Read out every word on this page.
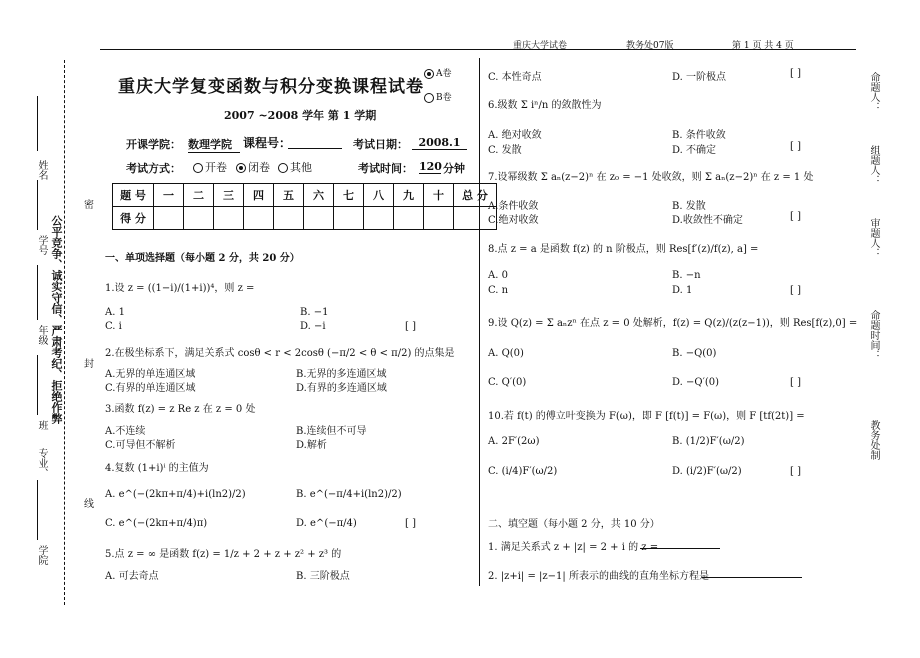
重庆大学试卷	教务处07版	第 1 页 共 4 页
姓名
学号
年级
班
专业、
学院
公平竞争、诚实守信、严肃考纪、拒绝作弊
密
封
线
命题人：
组题人：
审题人：
命题时间：
教务处制
重庆大学复变函数与积分变换课程试卷
A卷
B卷
2007 ~2008 学年 第 1 学期
开课学院： 数理学院 课程号：	考试日期： 2008.1
考试方式：	开卷	闭卷	其他	考试时间： 120 分钟
题 号	一	二	三	四	五	六	七	八	九	十	总 分
得 分											
一、单项选择题（每小题 2 分，共 20 分）
1.设 z = ((1−i)/(1+i))⁴，则 z =
A. 1	B. −1
C. i	D. −i	[ ]
2.在极坐标系下，满足关系式 cosθ < r < 2cosθ (−π/2 < θ < π/2) 的点集是
A.无界的单连通区域	B.无界的多连通区域
C.有界的单连通区域	D.有界的多连通区域
3.函数 f(z) = z Re z 在 z = 0 处
A.不连续	B.连续但不可导
C.可导但不解析	D.解析
4.复数 (1+i)ⁱ 的主值为
A. e^(−(2kπ+π/4)+i(ln2)/2)	B. e^(−π/4+i(ln2)/2)
C. e^(−(2kπ+π/4)π)	D. e^(−π/4)	[ ]
5.点 z = ∞ 是函数 f(z) = 1/z + 2 + z + z² + z³ 的
A. 可去奇点	B. 三阶极点
C. 本性奇点	D. 一阶极点	[ ]
6.级数 Σ iⁿ/n 的敛散性为
A. 绝对收敛	B. 条件收敛
C. 发散	D. 不确定	[ ]
7.设幂级数 Σ aₙ(z−2)ⁿ 在 z₀ = −1 处收敛，则 Σ aₙ(z−2)ⁿ 在 z = 1 处
A.条件收敛	B. 发散
C.绝对收敛	D.收敛性不确定	[ ]
8.点 z = a 是函数 f(z) 的 n 阶极点，则 Res[f′(z)/f(z), a] =
A. 0	B. −n
C. n	D. 1	[ ]
9.设 Q(z) = Σ aₙzⁿ 在点 z = 0 处解析，f(z) = Q(z)/(z(z−1))，则 Res[f(z),0] =
A. Q(0)	B. −Q(0)
C. Q′(0)	D. −Q′(0)	[ ]
10.若 f(t) 的傅立叶变换为 F(ω)，即 F [f(t)] = F(ω)，则 F [tf(2t)] =
A. 2F′(2ω)	B. (1/2)F′(ω/2)
C. (i/4)F′(ω/2)	D. (i/2)F′(ω/2)	[ ]
二、填空题（每小题 2 分，共 10 分）
1. 满足关系式 z + |z| = 2 + i 的 z =
2. |z+i| = |z−1| 所表示的曲线的直角坐标方程是
